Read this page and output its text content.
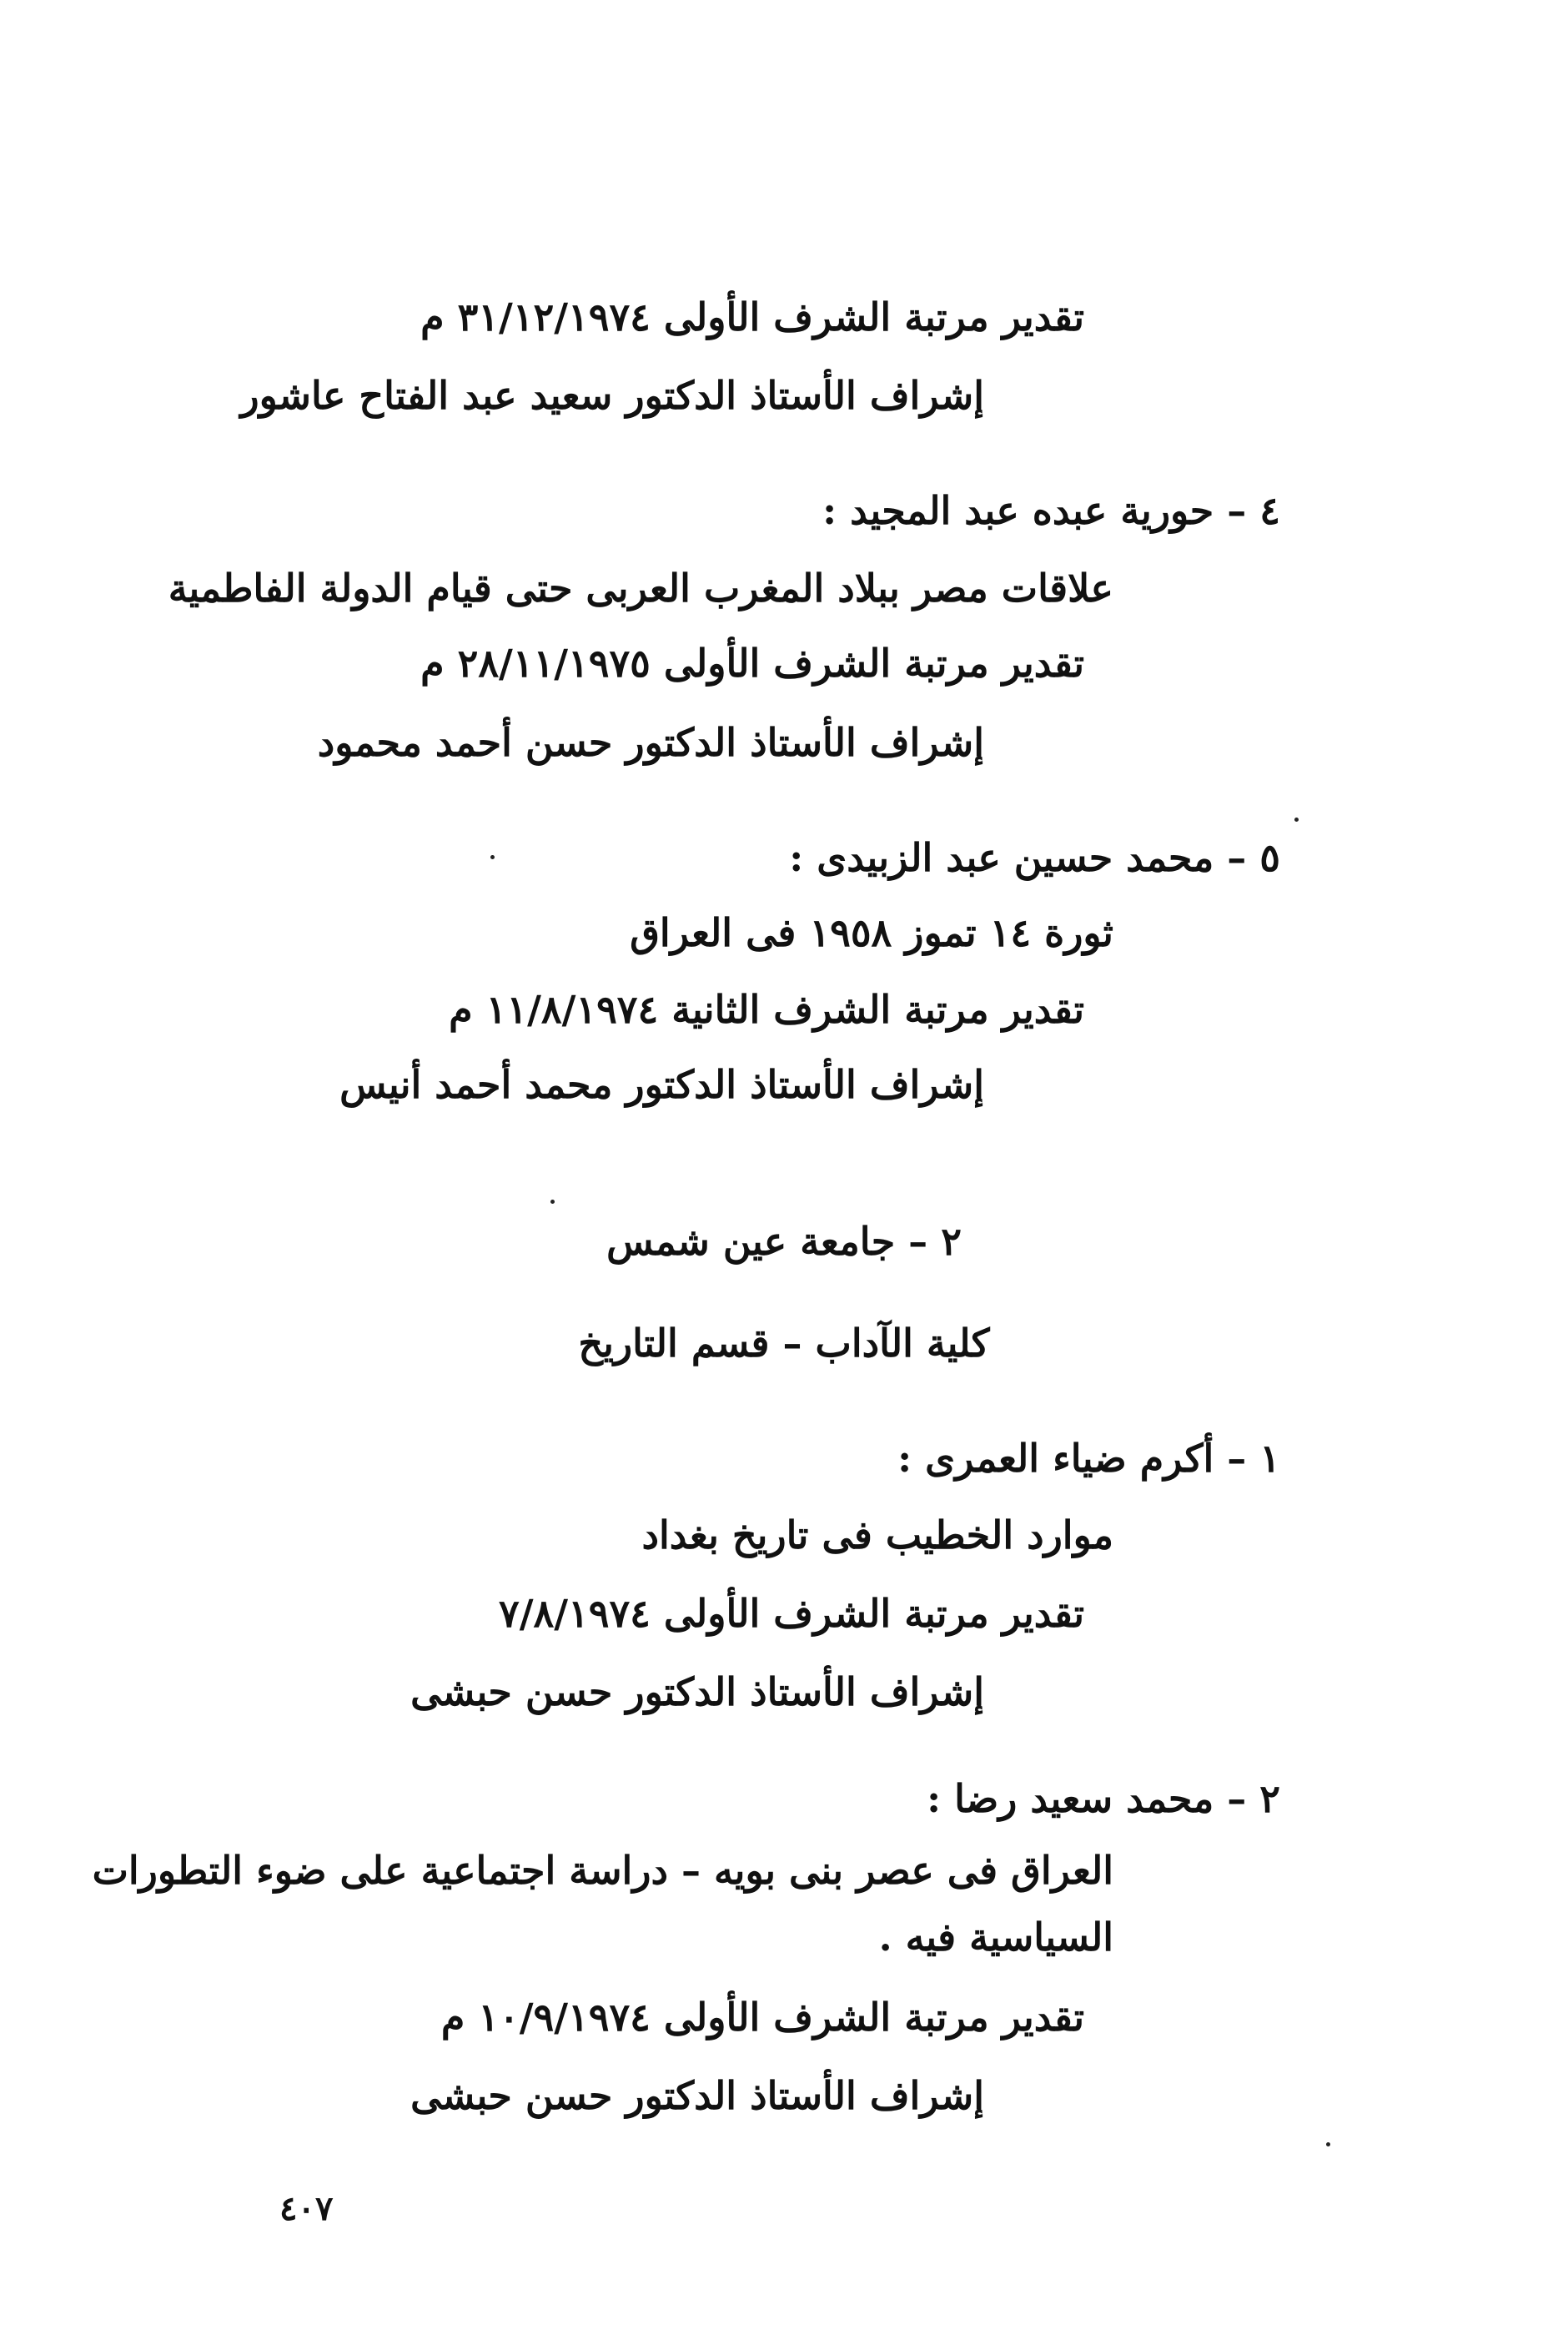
تقدير مرتبة الشرف الأولى ٣١/١٢/١٩٧٤ م
إشراف الأستاذ الدكتور سعيد عبد الفتاح عاشور
٤ – حورية عبده عبد المجيد :
علاقات مصر ببلاد المغرب العربى حتى قيام الدولة الفاطمية
تقدير مرتبة الشرف الأولى ٢٨/١١/١٩٧٥ م
إشراف الأستاذ الدكتور حسن أحمد محمود
٥ – محمد حسين عبد الزبيدى :
ثورة ١٤ تموز ١٩٥٨ فى العراق
تقدير مرتبة الشرف الثانية ١١/٨/١٩٧٤ م
إشراف الأستاذ الدكتور محمد أحمد أنيس
٢ – جامعة عين شمس
كلية الآداب – قسم التاريخ
١ – أكرم ضياء العمرى :
موارد الخطيب فى تاريخ بغداد
تقدير مرتبة الشرف الأولى ٧/٨/١٩٧٤
إشراف الأستاذ الدكتور حسن حبشى
٢ – محمد سعيد رضا :
العراق فى عصر بنى بويه – دراسة اجتماعية على ضوء التطورات
السياسية فيه .
تقدير مرتبة الشرف الأولى ١٠/٩/١٩٧٤ م
إشراف الأستاذ الدكتور حسن حبشى
٤٠٧
